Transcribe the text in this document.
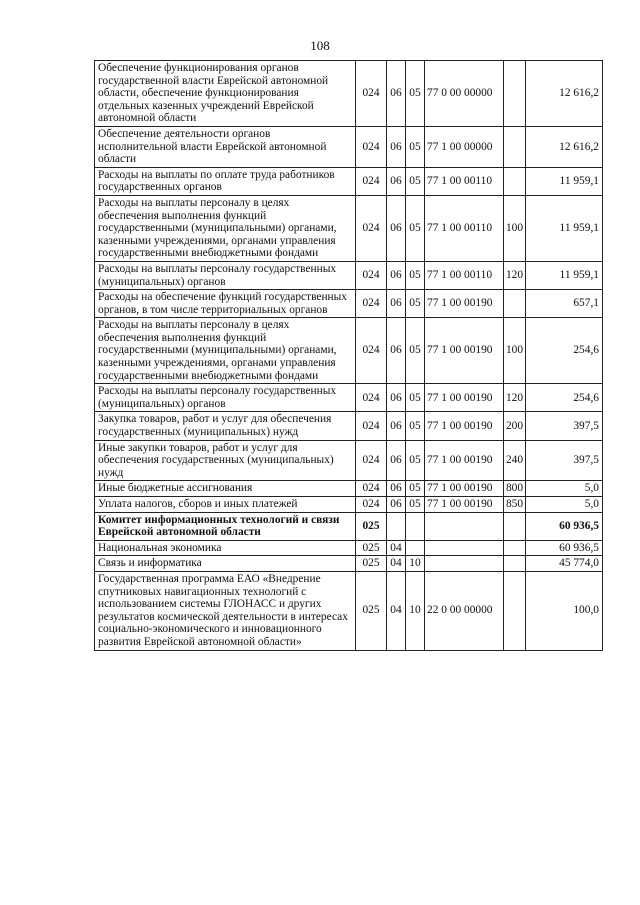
108
Обеспечение функционирования органов государственной власти Еврейской автономной области, обеспечение функционирования отдельных казенных учреждений Еврейской автономной области	024	06	05	77 0 00 00000		12 616,2
Обеспечение деятельности органов исполнительной власти Еврейской автономной области	024	06	05	77 1 00 00000		12 616,2
Расходы на выплаты по оплате труда работников государственных органов	024	06	05	77 1 00 00110		11 959,1
Расходы на выплаты персоналу в целях обеспечения выполнения функций государственными (муниципальными) органами, казенными учреждениями, органами управления государственными внебюджетными фондами	024	06	05	77 1 00 00110	100	11 959,1
Расходы на выплаты персоналу государственных (муниципальных) органов	024	06	05	77 1 00 00110	120	11 959,1
Расходы на обеспечение функций государственных органов, в том числе территориальных органов	024	06	05	77 1 00 00190		657,1
Расходы на выплаты персоналу в целях обеспечения выполнения функций государственными (муниципальными) органами, казенными учреждениями, органами управления государственными внебюджетными фондами	024	06	05	77 1 00 00190	100	254,6
Расходы на выплаты персоналу государственных (муниципальных) органов	024	06	05	77 1 00 00190	120	254,6
Закупка товаров, работ и услуг для обеспечения государственных (муниципальных) нужд	024	06	05	77 1 00 00190	200	397,5
Иные закупки товаров, работ и услуг для обеспечения государственных (муниципальных) нужд	024	06	05	77 1 00 00190	240	397,5
Иные бюджетные ассигнования	024	06	05	77 1 00 00190	800	5,0
Уплата налогов, сборов и иных платежей	024	06	05	77 1 00 00190	850	5,0
Комитет информационных технологий и связи Еврейской автономной области	025					60 936,5
Национальная экономика	025	04				60 936,5
Связь и информатика	025	04	10			45 774,0
Государственная программа ЕАО «Внедрение спутниковых навигационных технологий с использованием системы ГЛОНАСС и других результатов космической деятельности в интересах социально-экономического и инновационного развития Еврейской автономной области»	025	04	10	22 0 00 00000		100,0
